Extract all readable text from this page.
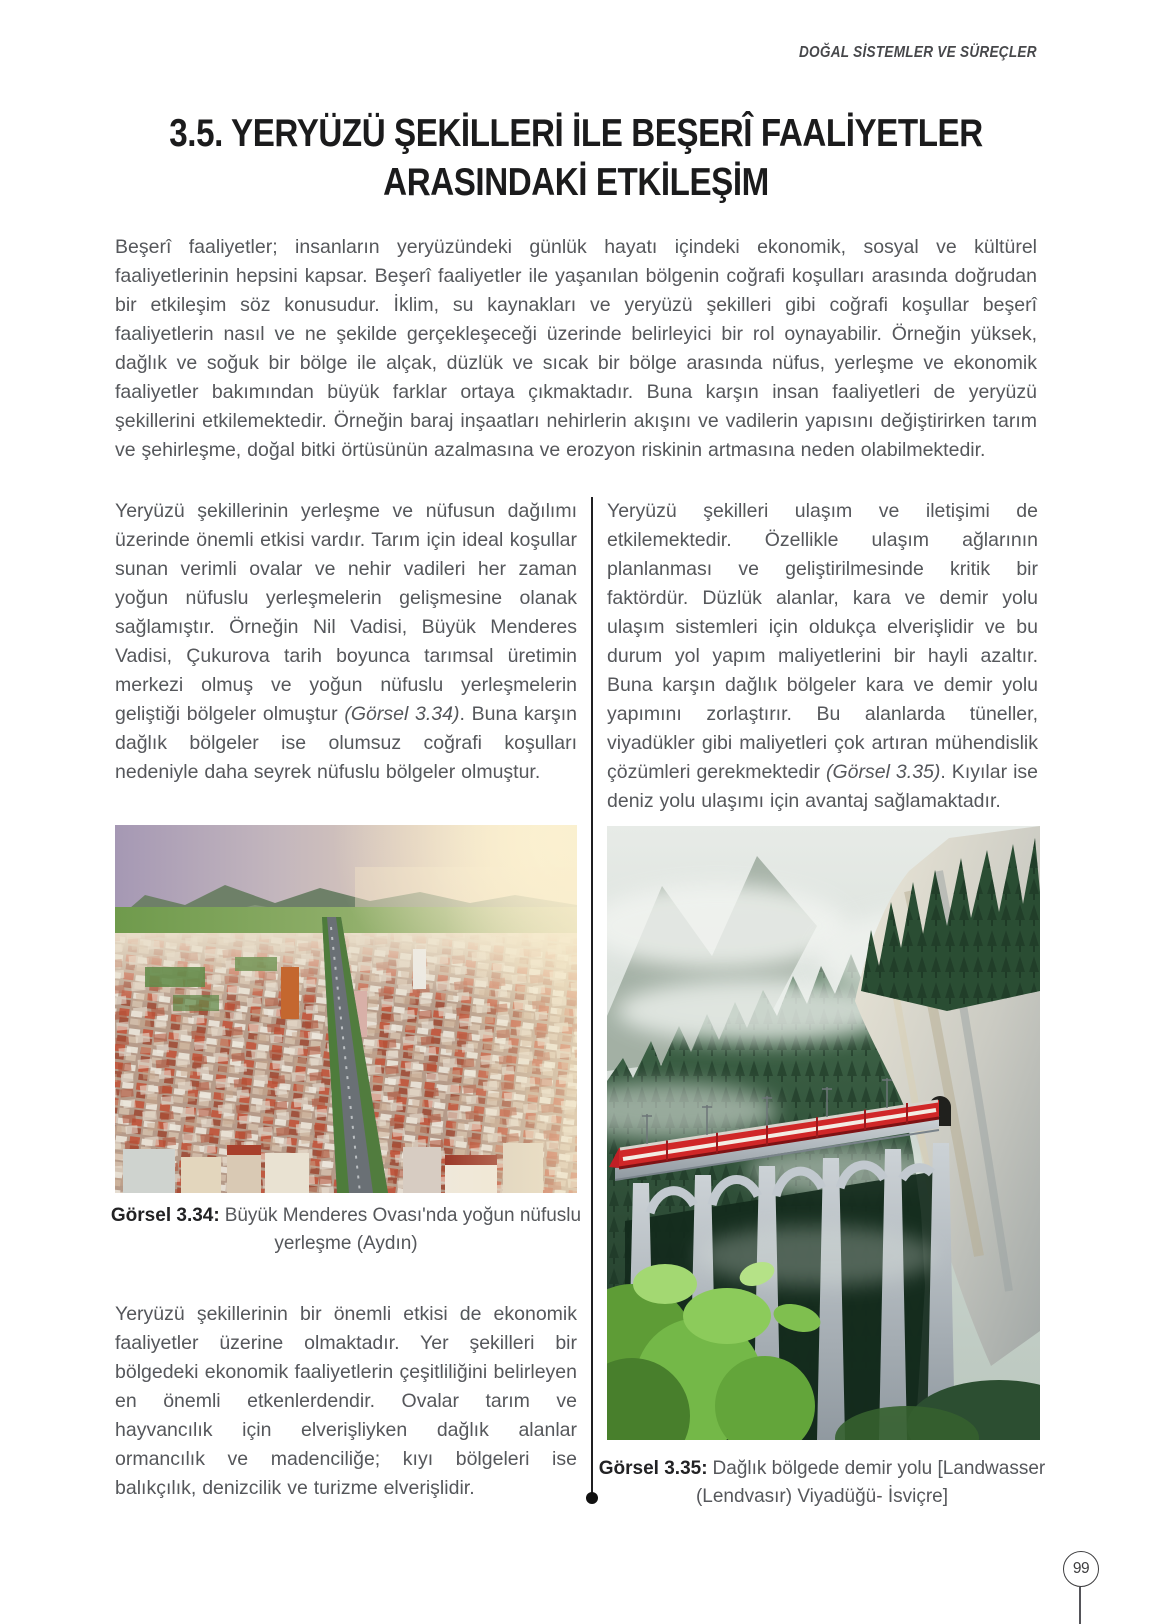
DOĞAL SİSTEMLER VE SÜREÇLER
3.5. YERYÜZÜ ŞEKİLLERİ İLE BEŞERÎ FAALİYETLER
ARASINDAKİ ETKİLEŞİM

Beşerî faaliyetler; insanların yeryüzündeki günlük hayatı içindeki ekonomik, sosyal ve kültürel faaliyetlerinin hepsini kapsar. Beşerî faaliyetler ile yaşanılan bölgenin coğrafi koşulları arasında doğrudan bir etkileşim söz konusudur. İklim, su kaynakları ve yeryüzü şekilleri gibi coğrafi koşullar beşerî faaliyetlerin nasıl ve ne şekilde gerçekleşeceği üzerinde belirleyici bir rol oynayabilir. Örneğin yüksek, dağlık ve soğuk bir bölge ile alçak, düzlük ve sıcak bir bölge arasında nüfus, yerleşme ve ekonomik faaliyetler bakımından büyük farklar ortaya çıkmaktadır. Buna karşın insan faaliyetleri de yeryüzü şekillerini etkilemektedir. Örneğin baraj inşaatları nehirlerin akışını ve vadilerin yapısını değiştirirken tarım ve şehirleşme, doğal bitki örtüsünün azalmasına ve erozyon riskinin artmasına neden olabilmektedir.

Yeryüzü şekillerinin yerleşme ve nüfusun dağılımı üzerinde önemli etkisi vardır. Tarım için ideal koşullar sunan verimli ovalar ve nehir vadileri her zaman yoğun nüfuslu yerleşmelerin gelişmesine olanak sağlamıştır. Örneğin Nil Vadisi, Büyük Menderes Vadisi, Çukurova tarih boyunca tarımsal üretimin merkezi olmuş ve yoğun nüfuslu yerleşmelerin geliştiği bölgeler olmuştur (Görsel 3.34). Buna karşın dağlık bölgeler ise olumsuz coğrafi koşulları nedeniyle daha seyrek nüfuslu bölgeler olmuştur.

Yeryüzü şekilleri ulaşım ve iletişimi de etkilemektedir. Özellikle ulaşım ağlarının planlanması ve geliştirilmesinde kritik bir faktördür. Düzlük alanlar, kara ve demir yolu ulaşım sistemleri için oldukça elverişlidir ve bu durum yol yapım maliyetlerini bir hayli azaltır. Buna karşın dağlık bölgeler kara ve demir yolu yapımını zorlaştırır. Bu alanlarda tüneller, viyadükler gibi maliyetleri çok artıran mühendislik çözümleri gerekmektedir (Görsel 3.35). Kıyılar ise deniz yolu ulaşımı için avantaj sağlamaktadır.

Görsel 3.34: Büyük Menderes Ovası'nda yoğun nüfuslu yerleşme (Aydın)

Yeryüzü şekillerinin bir önemli etkisi de ekonomik faaliyetler üzerine olmaktadır. Yer şekilleri bir bölgedeki ekonomik faaliyetlerin çeşitliliğini belirleyen en önemli etkenlerdendir. Ovalar tarım ve hayvancılık için elverişliyken dağlık alanlar ormancılık ve madenciliğe; kıyı bölgeleri ise balıkçılık, denizcilik ve turizme elverişlidir.

Görsel 3.35: Dağlık bölgede demir yolu [Landwasser (Lendvasır) Viyadüğü- İsviçre]
99
